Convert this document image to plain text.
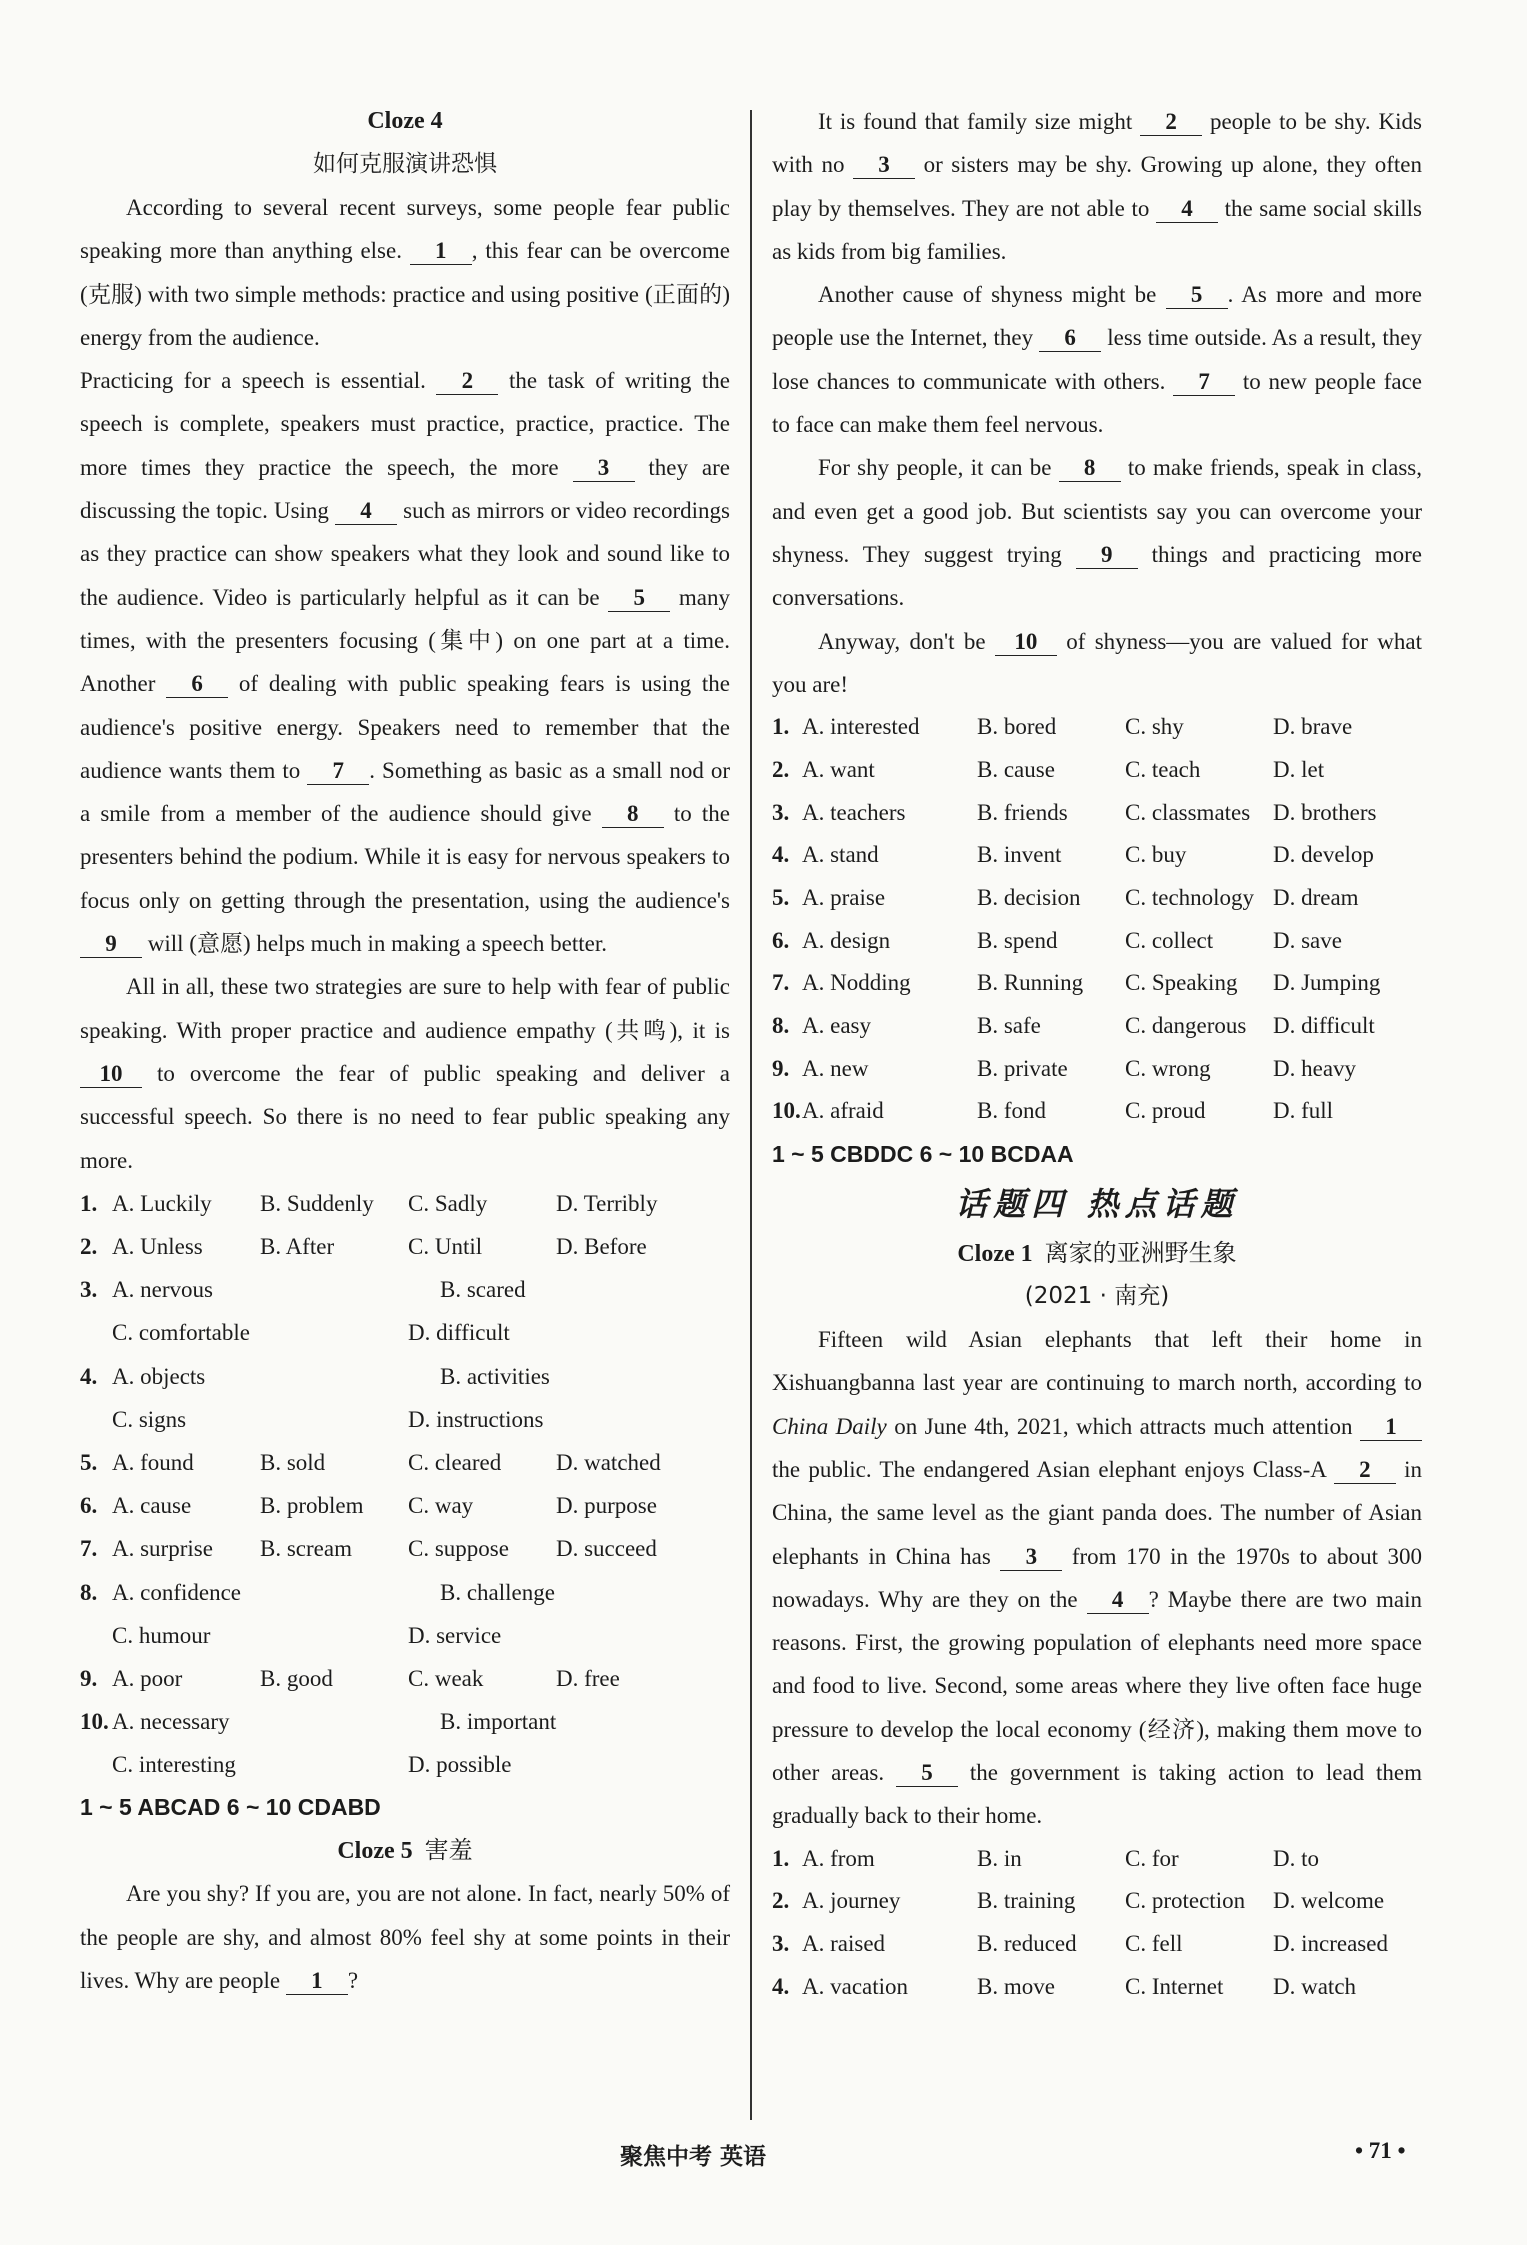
Cloze 4
如何克服演讲恐惧

According to several recent surveys, some people fear public speaking more than anything else. 1 , this fear can be overcome (克服) with two simple methods: practice and using positive (正面的) energy from the audience.

Practicing for a speech is essential. 2 the task of writing the speech is complete, speakers must practice, practice, practice. The more times they practice the speech, the more 3 they are discussing the topic. Using 4 such as mirrors or video recordings as they practice can show speakers what they look and sound like to the audience. Video is particularly helpful as it can be 5 many times, with the presenters focusing (集中) on one part at a time. Another 6 of dealing with public speaking fears is using the audience's positive energy. Speakers need to remember that the audience wants them to 7 . Something as basic as a small nod or a smile from a member of the audience should give 8 to the presenters behind the podium. While it is easy for nervous speakers to focus only on getting through the presentation, using the audience's 9 will (意愿) helps much in making a speech better.

All in all, these two strategies are sure to help with fear of public speaking. With proper practice and audience empathy (共鸣), it is 10 to overcome the fear of public speaking and deliver a successful speech. So there is no need to fear public speaking any more.

1. A. Luckily	B. Suddenly	C. Sadly	D. Terribly
2. A. Unless	B. After	C. Until	D. Before
3. A. nervous	B. scared
C. comfortable	D. difficult
4. A. objects	B. activities
C. signs	D. instructions
5. A. found	B. sold	C. cleared	D. watched
6. A. cause	B. problem	C. way	D. purpose
7. A. surprise	B. scream	C. suppose	D. succeed
8. A. confidence	B. challenge
C. humour	D. service
9. A. poor	B. good	C. weak	D. free
10. A. necessary	B. important
C. interesting	D. possible
1 ~ 5 ABCAD 6 ~ 10 CDABD
Cloze 5 害羞

Are you shy? If you are, you are not alone. In fact, nearly 50% of the people are shy, and almost 80% feel shy at some points in their lives. Why are people 1 ?

It is found that family size might 2 people to be shy. Kids with no 3 or sisters may be shy. Growing up alone, they often play by themselves. They are not able to 4 the same social skills as kids from big families.

Another cause of shyness might be 5 . As more and more people use the Internet, they 6 less time outside. As a result, they lose chances to communicate with others. 7 to new people face to face can make them feel nervous.

For shy people, it can be 8 to make friends, speak in class, and even get a good job. But scientists say you can overcome your shyness. They suggest trying 9 things and practicing more conversations.

Anyway, don't be 10 of shyness—you are valued for what you are!

1. A. interested	B. bored	C. shy	D. brave
2. A. want	B. cause	C. teach	D. let
3. A. teachers	B. friends	C. classmates D. brothers
4. A. stand	B. invent	C. buy	D. develop
5. A. praise	B. decision	C. technology D. dream
6. A. design	B. spend	C. collect	D. save
7. A. Nodding	B. Running	C. Speaking	D. Jumping
8. A. easy	B. safe	C. dangerous	D. difficult
9. A. new	B. private	C. wrong	D. heavy
10. A. afraid	B. fond	C. proud	D. full
1 ~ 5 CBDDC 6 ~ 10 BCDAA
话题四 热点话题
Cloze 1 离家的亚洲野生象
(2021 · 南充)

Fifteen wild Asian elephants that left their home in Xishuangbanna last year are continuing to march north, according to China Daily on June 4th, 2021, which attracts much attention 1 the public. The endangered Asian elephant enjoys Class-A 2 in China, the same level as the giant panda does. The number of Asian elephants in China has 3 from 170 in the 1970s to about 300 nowadays. Why are they on the 4 ? Maybe there are two main reasons. First, the growing population of elephants need more space and food to live. Second, some areas where they live often face huge pressure to develop the local economy (经济), making them move to other areas. 5 the government is taking action to lead them gradually back to their home.

1. A. from	B. in	C. for	D. to
2. A. journey	B. training	C. protection	D. welcome
3. A. raised	B. reduced	C. fell	D. increased
4. A. vacation	B. move	C. Internet	D. watch
聚焦中考 英语	• 71 •
